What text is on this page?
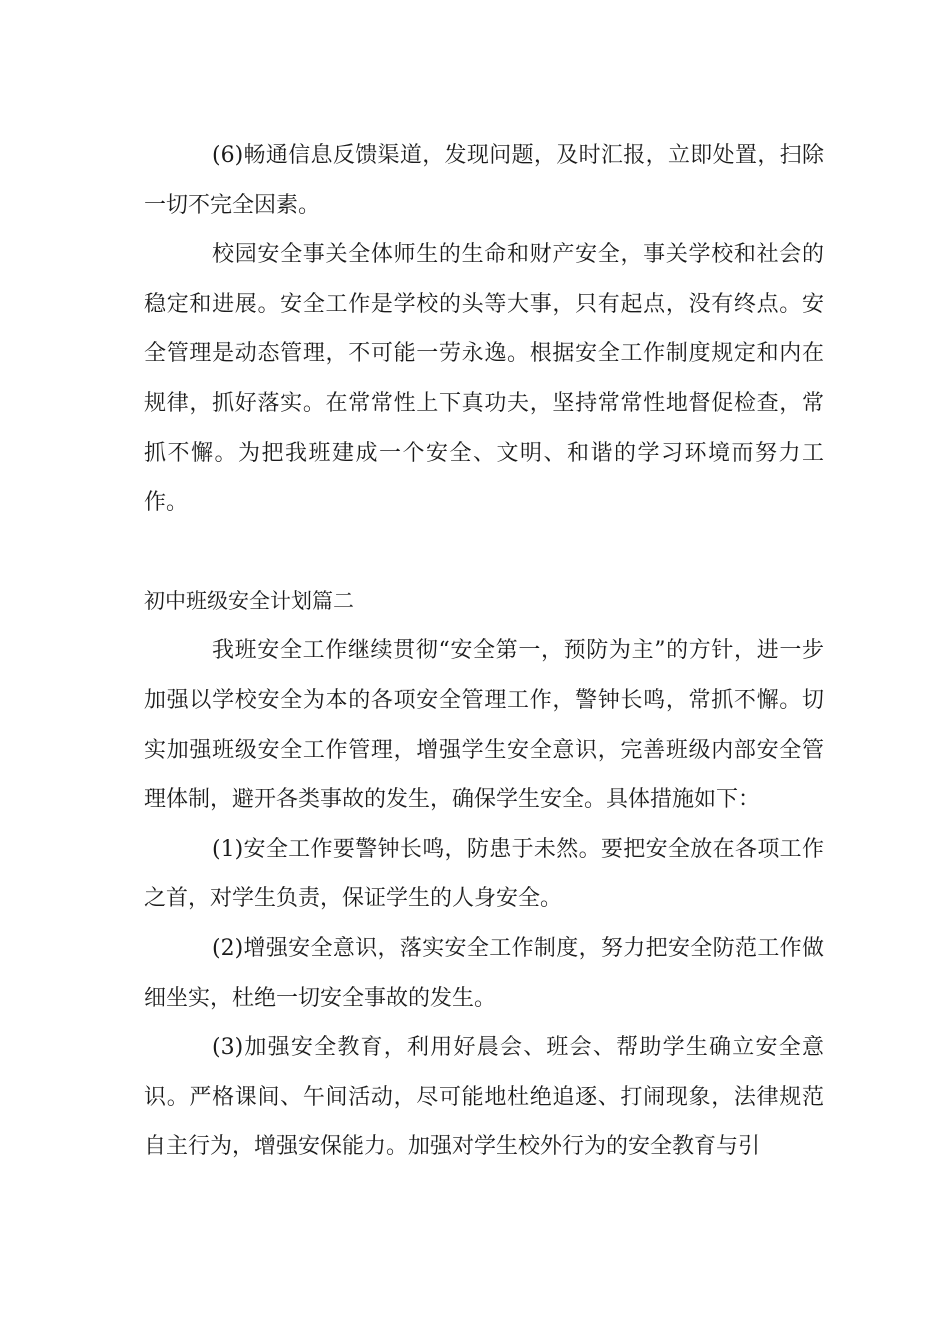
(6)畅通信息反馈渠道，发现问题，及时汇报，立即处置，扫除一切不完全因素。

校园安全事关全体师生的生命和财产安全，事关学校和社会的稳定和进展。安全工作是学校的头等大事，只有起点，没有终点。安全管理是动态管理，不可能一劳永逸。根据安全工作制度规定和内在规律，抓好落实。在常常性上下真功夫，坚持常常性地督促检查，常抓不懈。为把我班建成一个安全、文明、和谐的学习环境而努力工作。

初中班级安全计划篇二

我班安全工作继续贯彻“安全第一，预防为主”的方针，进一步加强以学校安全为本的各项安全管理工作，警钟长鸣，常抓不懈。切实加强班级安全工作管理，增强学生安全意识，完善班级内部安全管理体制，避开各类事故的发生，确保学生安全。具体措施如下：

(1)安全工作要警钟长鸣，防患于未然。要把安全放在各项工作之首，对学生负责，保证学生的人身安全。

(2)增强安全意识，落实安全工作制度，努力把安全防范工作做细坐实，杜绝一切安全事故的发生。

(3)加强安全教育，利用好晨会、班会、帮助学生确立安全意识。严格课间、午间活动，尽可能地杜绝追逐、打闹现象，法律规范自主行为，增强安保能力。加强对学生校外行为的安全教育与引
